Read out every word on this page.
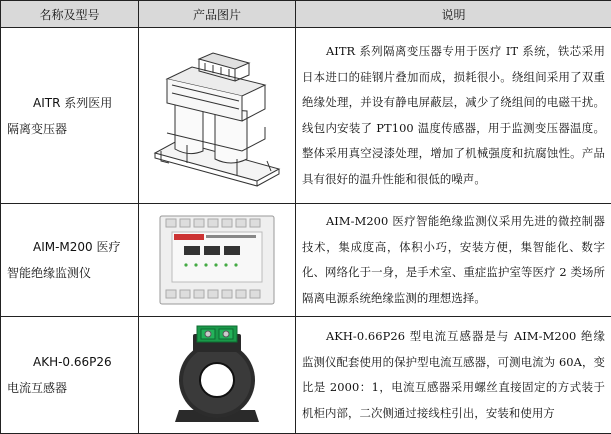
名称及型号	产品图片	说明

AITR 系列医用
隔离变压器		AITR 系列隔离变压器专用于医疗 IT 系统，铁芯采用日本进口的硅钢片叠加而成，损耗很小。绕组间采用了双重绝缘处理，并设有静电屏蔽层，减少了绕组间的电磁干扰。线包内安装了 PT100 温度传感器，用于监测变压器温度。整体采用真空浸漆处理，增加了机械强度和抗腐蚀性。产品具有很好的温升性能和很低的噪声。

AIM-M200 医疗
智能绝缘监测仪		AIM-M200 医疗智能绝缘监测仪采用先进的微控制器技术，集成度高，体积小巧，安装方便，集智能化、数字化、网络化于一身，是手术室、重症监护室等医疗 2 类场所隔离电源系统绝缘监测的理想选择。

AKH-0.66P26
电流互感器		AKH-0.66P26 型电流互感器是与 AIM-M200 绝缘监测仪配套使用的保护型电流互感器，可测电流为 60A，变比是 2000：1，电流互感器采用螺丝直接固定的方式装于机柜内部，二次侧通过接线柱引出，安装和使用方
